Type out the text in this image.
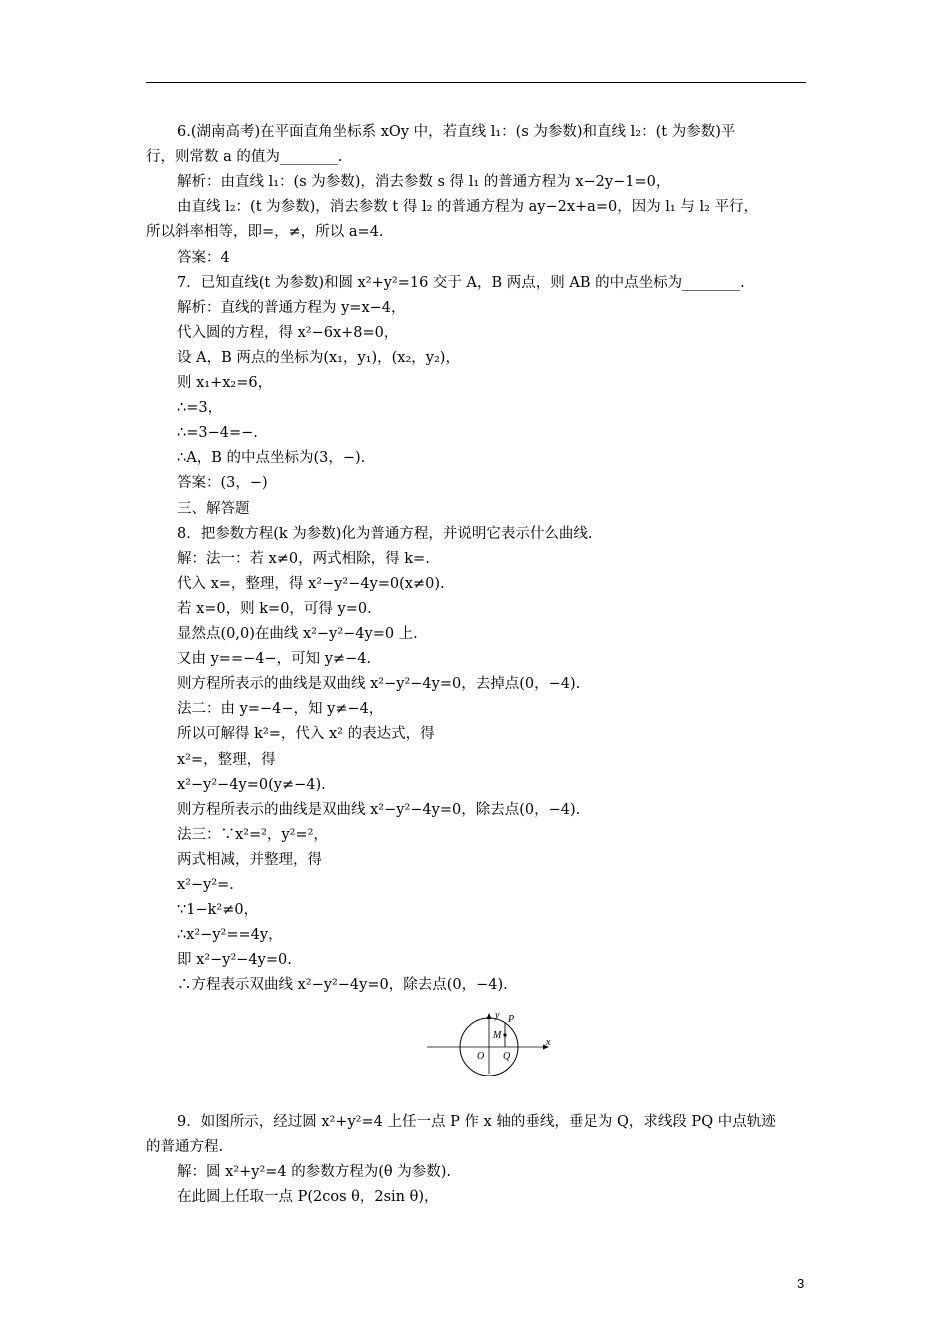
6.(湖南高考)在平面直角坐标系 xOy 中，若直线 l₁：(s 为参数)和直线 l₂：(t 为参数)平
行，则常数 a 的值为________.
解析：由直线 l₁：(s 为参数)，消去参数 s 得 l₁ 的普通方程为 x−2y−1=0，
由直线 l₂：(t 为参数)，消去参数 t 得 l₂ 的普通方程为 ay−2x+a=0，因为 l₁ 与 l₂ 平行，
所以斜率相等，即=，≠，所以 a=4.
答案：4
7．已知直线(t 为参数)和圆 x²+y²=16 交于 A，B 两点，则 AB 的中点坐标为________.
解析：直线的普通方程为 y=x−4，
代入圆的方程，得 x²−6x+8=0，
设 A，B 两点的坐标为(x₁，y₁)，(x₂，y₂)，
则 x₁+x₂=6，
∴=3，
∴=3−4=−.
∴A，B 的中点坐标为(3，−).
答案：(3，−)
三、解答题
8．把参数方程(k 为参数)化为普通方程，并说明它表示什么曲线.
解：法一：若 x≠0，两式相除，得 k=.
代入 x=，整理，得 x²−y²−4y=0(x≠0).
若 x=0，则 k=0，可得 y=0.
显然点(0,0)在曲线 x²−y²−4y=0 上.
又由 y==−4−，可知 y≠−4.
则方程所表示的曲线是双曲线 x²−y²−4y=0，去掉点(0，−4).
法二：由 y=−4−，知 y≠−4，
所以可解得 k²=，代入 x² 的表达式，得
x²=，整理，得
x²−y²−4y=0(y≠−4).
则方程所表示的曲线是双曲线 x²−y²−4y=0，除去点(0，−4).
法三：∵x²=²，y²=²，
两式相减，并整理，得
x²−y²=.
∵1−k²≠0，
∴x²−y²==4y，
即 x²−y²−4y=0.
∴方程表示双曲线 x²−y²−4y=0，除去点(0，−4).
y
x
O
P
M
Q
9．如图所示，经过圆 x²+y²=4 上任一点 P 作 x 轴的垂线，垂足为 Q，求线段 PQ 中点轨迹
的普通方程.
解：圆 x²+y²=4 的参数方程为(θ 为参数).
在此圆上任取一点 P(2cos θ，2sin θ)，
3
